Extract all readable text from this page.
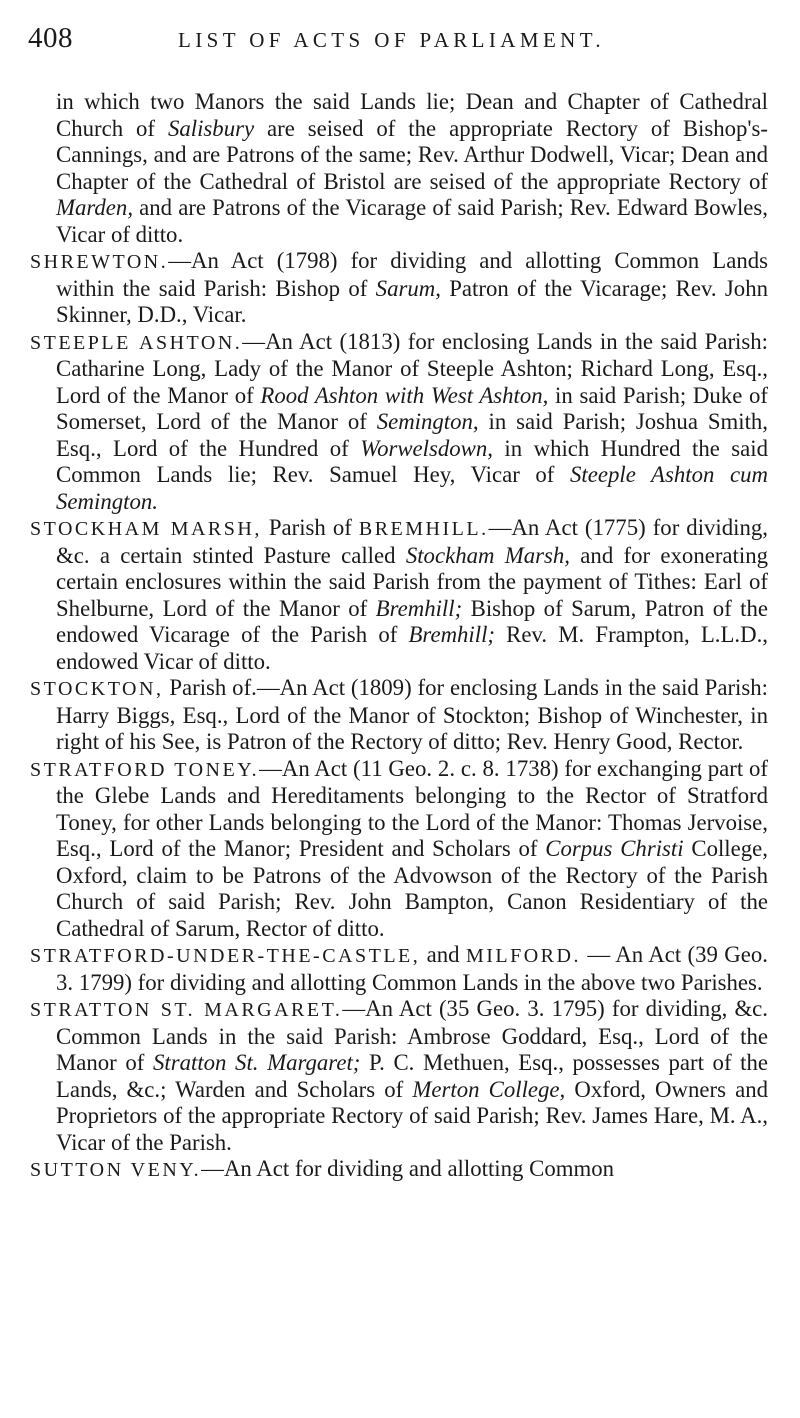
408	LIST OF ACTS OF PARLIAMENT.

in which two Manors the said Lands lie; Dean and Chapter of Cathedral Church of Salisbury are seised of the appropriate Rectory of Bishop's-Cannings, and are Patrons of the same; Rev. Arthur Dodwell, Vicar; Dean and Chapter of the Cathedral of Bristol are seised of the appropriate Rectory of Marden, and are Patrons of the Vicarage of said Parish; Rev. Edward Bowles, Vicar of ditto.

SHREWTON.—An Act (1798) for dividing and allotting Common Lands within the said Parish: Bishop of Sarum, Patron of the Vicarage; Rev. John Skinner, D.D., Vicar.

STEEPLE ASHTON.—An Act (1813) for enclosing Lands in the said Parish: Catharine Long, Lady of the Manor of Steeple Ashton; Richard Long, Esq., Lord of the Manor of Rood Ashton with West Ashton, in said Parish; Duke of Somerset, Lord of the Manor of Semington, in said Parish; Joshua Smith, Esq., Lord of the Hundred of Worwelsdown, in which Hundred the said Common Lands lie; Rev. Samuel Hey, Vicar of Steeple Ashton cum Semington.

STOCKHAM MARSH, Parish of BREMHILL.—An Act (1775) for dividing, &c. a certain stinted Pasture called Stockham Marsh, and for exonerating certain enclosures within the said Parish from the payment of Tithes: Earl of Shelburne, Lord of the Manor of Bremhill; Bishop of Sarum, Patron of the endowed Vicarage of the Parish of Bremhill; Rev. M. Frampton, L.L.D., endowed Vicar of ditto.

STOCKTON, Parish of.—An Act (1809) for enclosing Lands in the said Parish: Harry Biggs, Esq., Lord of the Manor of Stockton; Bishop of Winchester, in right of his See, is Patron of the Rectory of ditto; Rev. Henry Good, Rector.

STRATFORD TONEY.—An Act (11 Geo. 2. c. 8. 1738) for exchanging part of the Glebe Lands and Hereditaments belonging to the Rector of Stratford Toney, for other Lands belonging to the Lord of the Manor: Thomas Jervoise, Esq., Lord of the Manor; President and Scholars of Corpus Christi College, Oxford, claim to be Patrons of the Advowson of the Rectory of the Parish Church of said Parish; Rev. John Bampton, Canon Residentiary of the Cathedral of Sarum, Rector of ditto.

STRATFORD-UNDER-THE-CASTLE, and MILFORD. — An Act (39 Geo. 3. 1799) for dividing and allotting Common Lands in the above two Parishes.

STRATTON ST. MARGARET.—An Act (35 Geo. 3. 1795) for dividing, &c. Common Lands in the said Parish: Ambrose Goddard, Esq., Lord of the Manor of Stratton St. Margaret; P. C. Methuen, Esq., possesses part of the Lands, &c.; Warden and Scholars of Merton College, Oxford, Owners and Proprietors of the appropriate Rectory of said Parish; Rev. James Hare, M. A., Vicar of the Parish.

SUTTON VENY.—An Act for dividing and allotting Common
